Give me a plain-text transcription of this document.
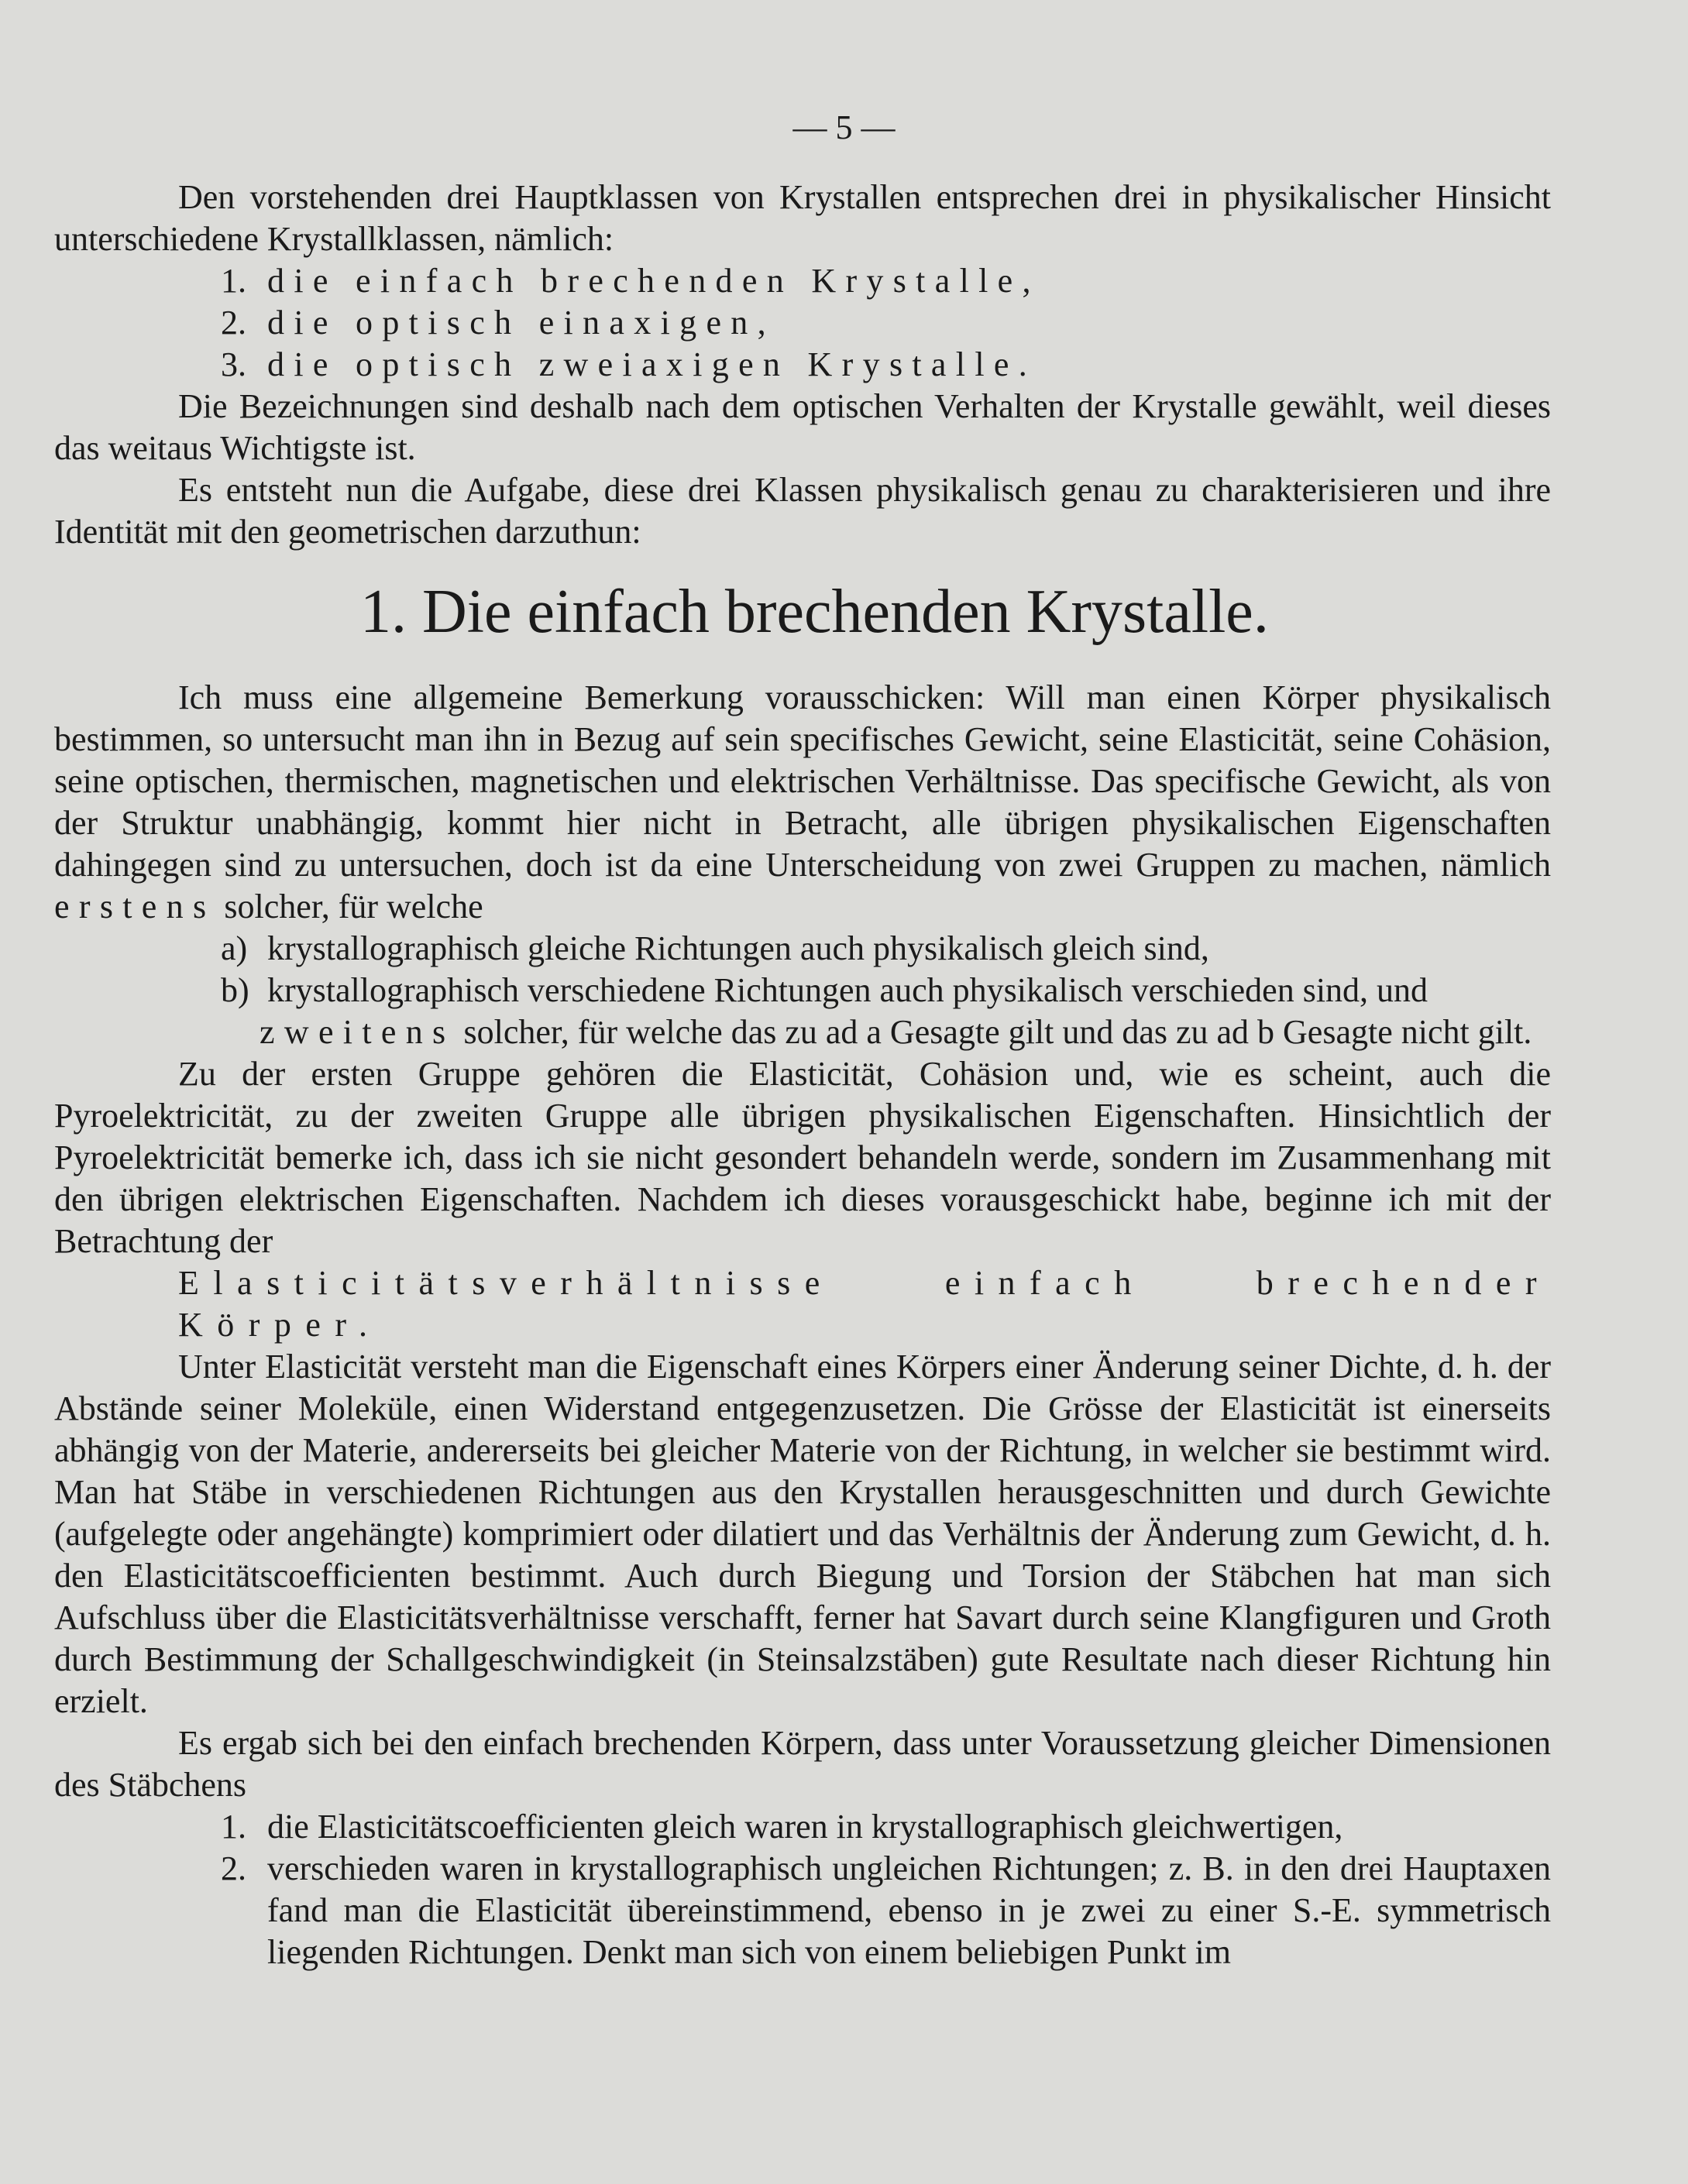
— 5 —

Den vorstehenden drei Hauptklassen von Krystallen entsprechen drei in physikalischer Hinsicht unterschiedene Krystallklassen, nämlich:

1. die einfach brechenden Krystalle,
2. die optisch einaxigen,
3. die optisch zweiaxigen Krystalle.

Die Bezeichnungen sind deshalb nach dem optischen Verhalten der Krystalle gewählt, weil dieses das weitaus Wichtigste ist.

Es entsteht nun die Aufgabe, diese drei Klassen physikalisch genau zu charakterisieren und ihre Identität mit den geometrischen darzuthun:

1. Die einfach brechenden Krystalle.

Ich muss eine allgemeine Bemerkung vorausschicken: Will man einen Körper physikalisch bestimmen, so untersucht man ihn in Bezug auf sein specifisches Gewicht, seine Elasticität, seine Cohäsion, seine optischen, thermischen, magnetischen und elektrischen Verhältnisse. Das specifische Gewicht, als von der Struktur unabhängig, kommt hier nicht in Betracht, alle übrigen physikalischen Eigenschaften dahingegen sind zu untersuchen, doch ist da eine Unterscheidung von zwei Gruppen zu machen, nämlich erstens solcher, für welche

a) krystallographisch gleiche Richtungen auch physikalisch gleich sind,
b) krystallographisch verschiedene Richtungen auch physikalisch verschieden sind, und

zweitens solcher, für welche das zu ad a Gesagte gilt und das zu ad b Gesagte nicht gilt.

Zu der ersten Gruppe gehören die Elasticität, Cohäsion und, wie es scheint, auch die Pyroelektricität, zu der zweiten Gruppe alle übrigen physikalischen Eigenschaften. Hinsichtlich der Pyroelektricität bemerke ich, dass ich sie nicht gesondert behandeln werde, sondern im Zusammenhang mit den übrigen elektrischen Eigenschaften. Nachdem ich dieses vorausgeschickt habe, beginne ich mit der Betrachtung der

Elasticitätsverhältnisse einfach brechender Körper.

Unter Elasticität versteht man die Eigenschaft eines Körpers einer Änderung seiner Dichte, d. h. der Abstände seiner Moleküle, einen Widerstand entgegenzusetzen. Die Grösse der Elasticität ist einerseits abhängig von der Materie, andererseits bei gleicher Materie von der Richtung, in welcher sie bestimmt wird. Man hat Stäbe in verschiedenen Richtungen aus den Krystallen herausgeschnitten und durch Gewichte (aufgelegte oder angehängte) komprimiert oder dilatiert und das Verhältnis der Änderung zum Gewicht, d. h. den Elasticitätscoefficienten bestimmt. Auch durch Biegung und Torsion der Stäbchen hat man sich Aufschluss über die Elasticitätsverhältnisse verschafft, ferner hat Savart durch seine Klangfiguren und Groth durch Bestimmung der Schallgeschwindigkeit (in Steinsalzstäben) gute Resultate nach dieser Richtung hin erzielt.

Es ergab sich bei den einfach brechenden Körpern, dass unter Voraussetzung gleicher Dimensionen des Stäbchens

1. die Elasticitätscoefficienten gleich waren in krystallographisch gleichwertigen,
2. verschieden waren in krystallographisch ungleichen Richtungen; z. B. in den drei Hauptaxen fand man die Elasticität übereinstimmend, ebenso in je zwei zu einer S.-E. symmetrisch liegenden Richtungen. Denkt man sich von einem beliebigen Punkt im
